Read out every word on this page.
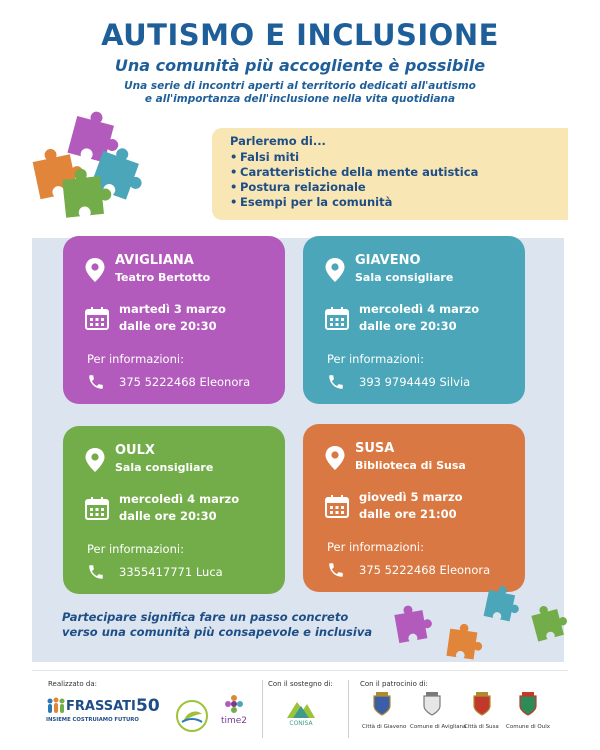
AUTISMO E INCLUSIONE
Una comunità più accogliente è possibile
Una serie di incontri aperti al territorio dedicati all'autismo
e all'importanza dell'inclusione nella vita quotidiana
Parleremo di...
• Falsi miti
• Caratteristiche della mente autistica
• Postura relazionale
• Esempi per la comunità
AVIGLIANA
Teatro Bertotto
martedì 3 marzo
dalle ore 20:30
Per informazioni:
375 5222468 Eleonora
GIAVENO
Sala consigliare
mercoledì 4 marzo
dalle ore 20:30
Per informazioni:
393 9794449 Silvia
OULX
Sala consigliare
mercoledì 4 marzo
dalle ore 20:30
Per informazioni:
3355417771 Luca
SUSA
Biblioteca di Susa
giovedì 5 marzo
dalle ore 21:00
Per informazioni:
375 5222468 Eleonora
Partecipare significa fare un passo concreto
verso una comunità più consapevole e inclusiva
Realizzato da:	Con il sostegno di:	Con il patrocinio di:
FRASSATI
INSIEME COSTRUIAMO FUTURO
50
time2	CONISA	Città di Giaveno Comune di Avigliana
Città di Susa Comune di Oulx
